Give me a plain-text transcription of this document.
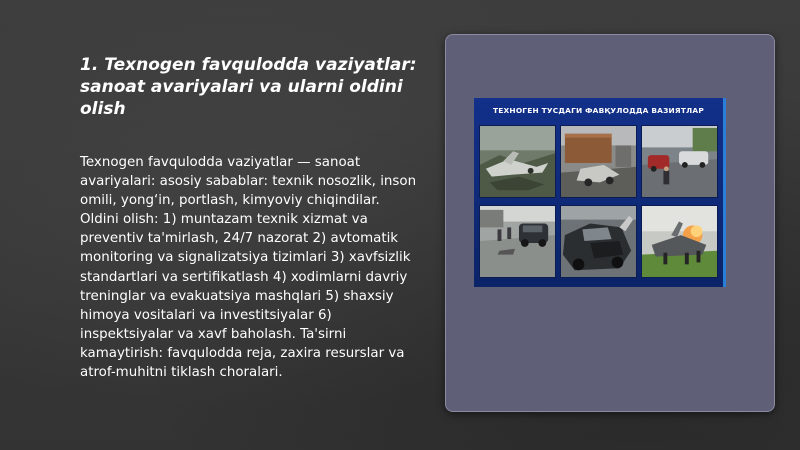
1. Texnogen favqulodda vaziyatlar: sanoat avariyalari va ularni oldini olish
Texnogen favqulodda vaziyatlar — sanoat avariyalari: asosiy sabablar: texnik nosozlik, inson omili, yong‘in, portlash, kimyoviy chiqindilar. Oldini olish: 1) muntazam texnik xizmat va preventiv ta'mirlash, 24/7 nazorat 2) avtomatik monitoring va signalizatsiya tizimlari 3) xavfsizlik standartlari va sertifikatlash 4) xodimlarni davriy treninglar va evakuatsiya mashqlari 5) shaxsiy himoya vositalari va investitsiyalar 6) inspektsiyalar va xavf baholash. Ta'sirni kamaytirish: favqulodda reja, zaxira resurslar va atrof-muhitni tiklash choralari.
ТЕХНОГЕН ТУСДАГИ ФАВҚУЛОДДА ВАЗИЯТЛАР
